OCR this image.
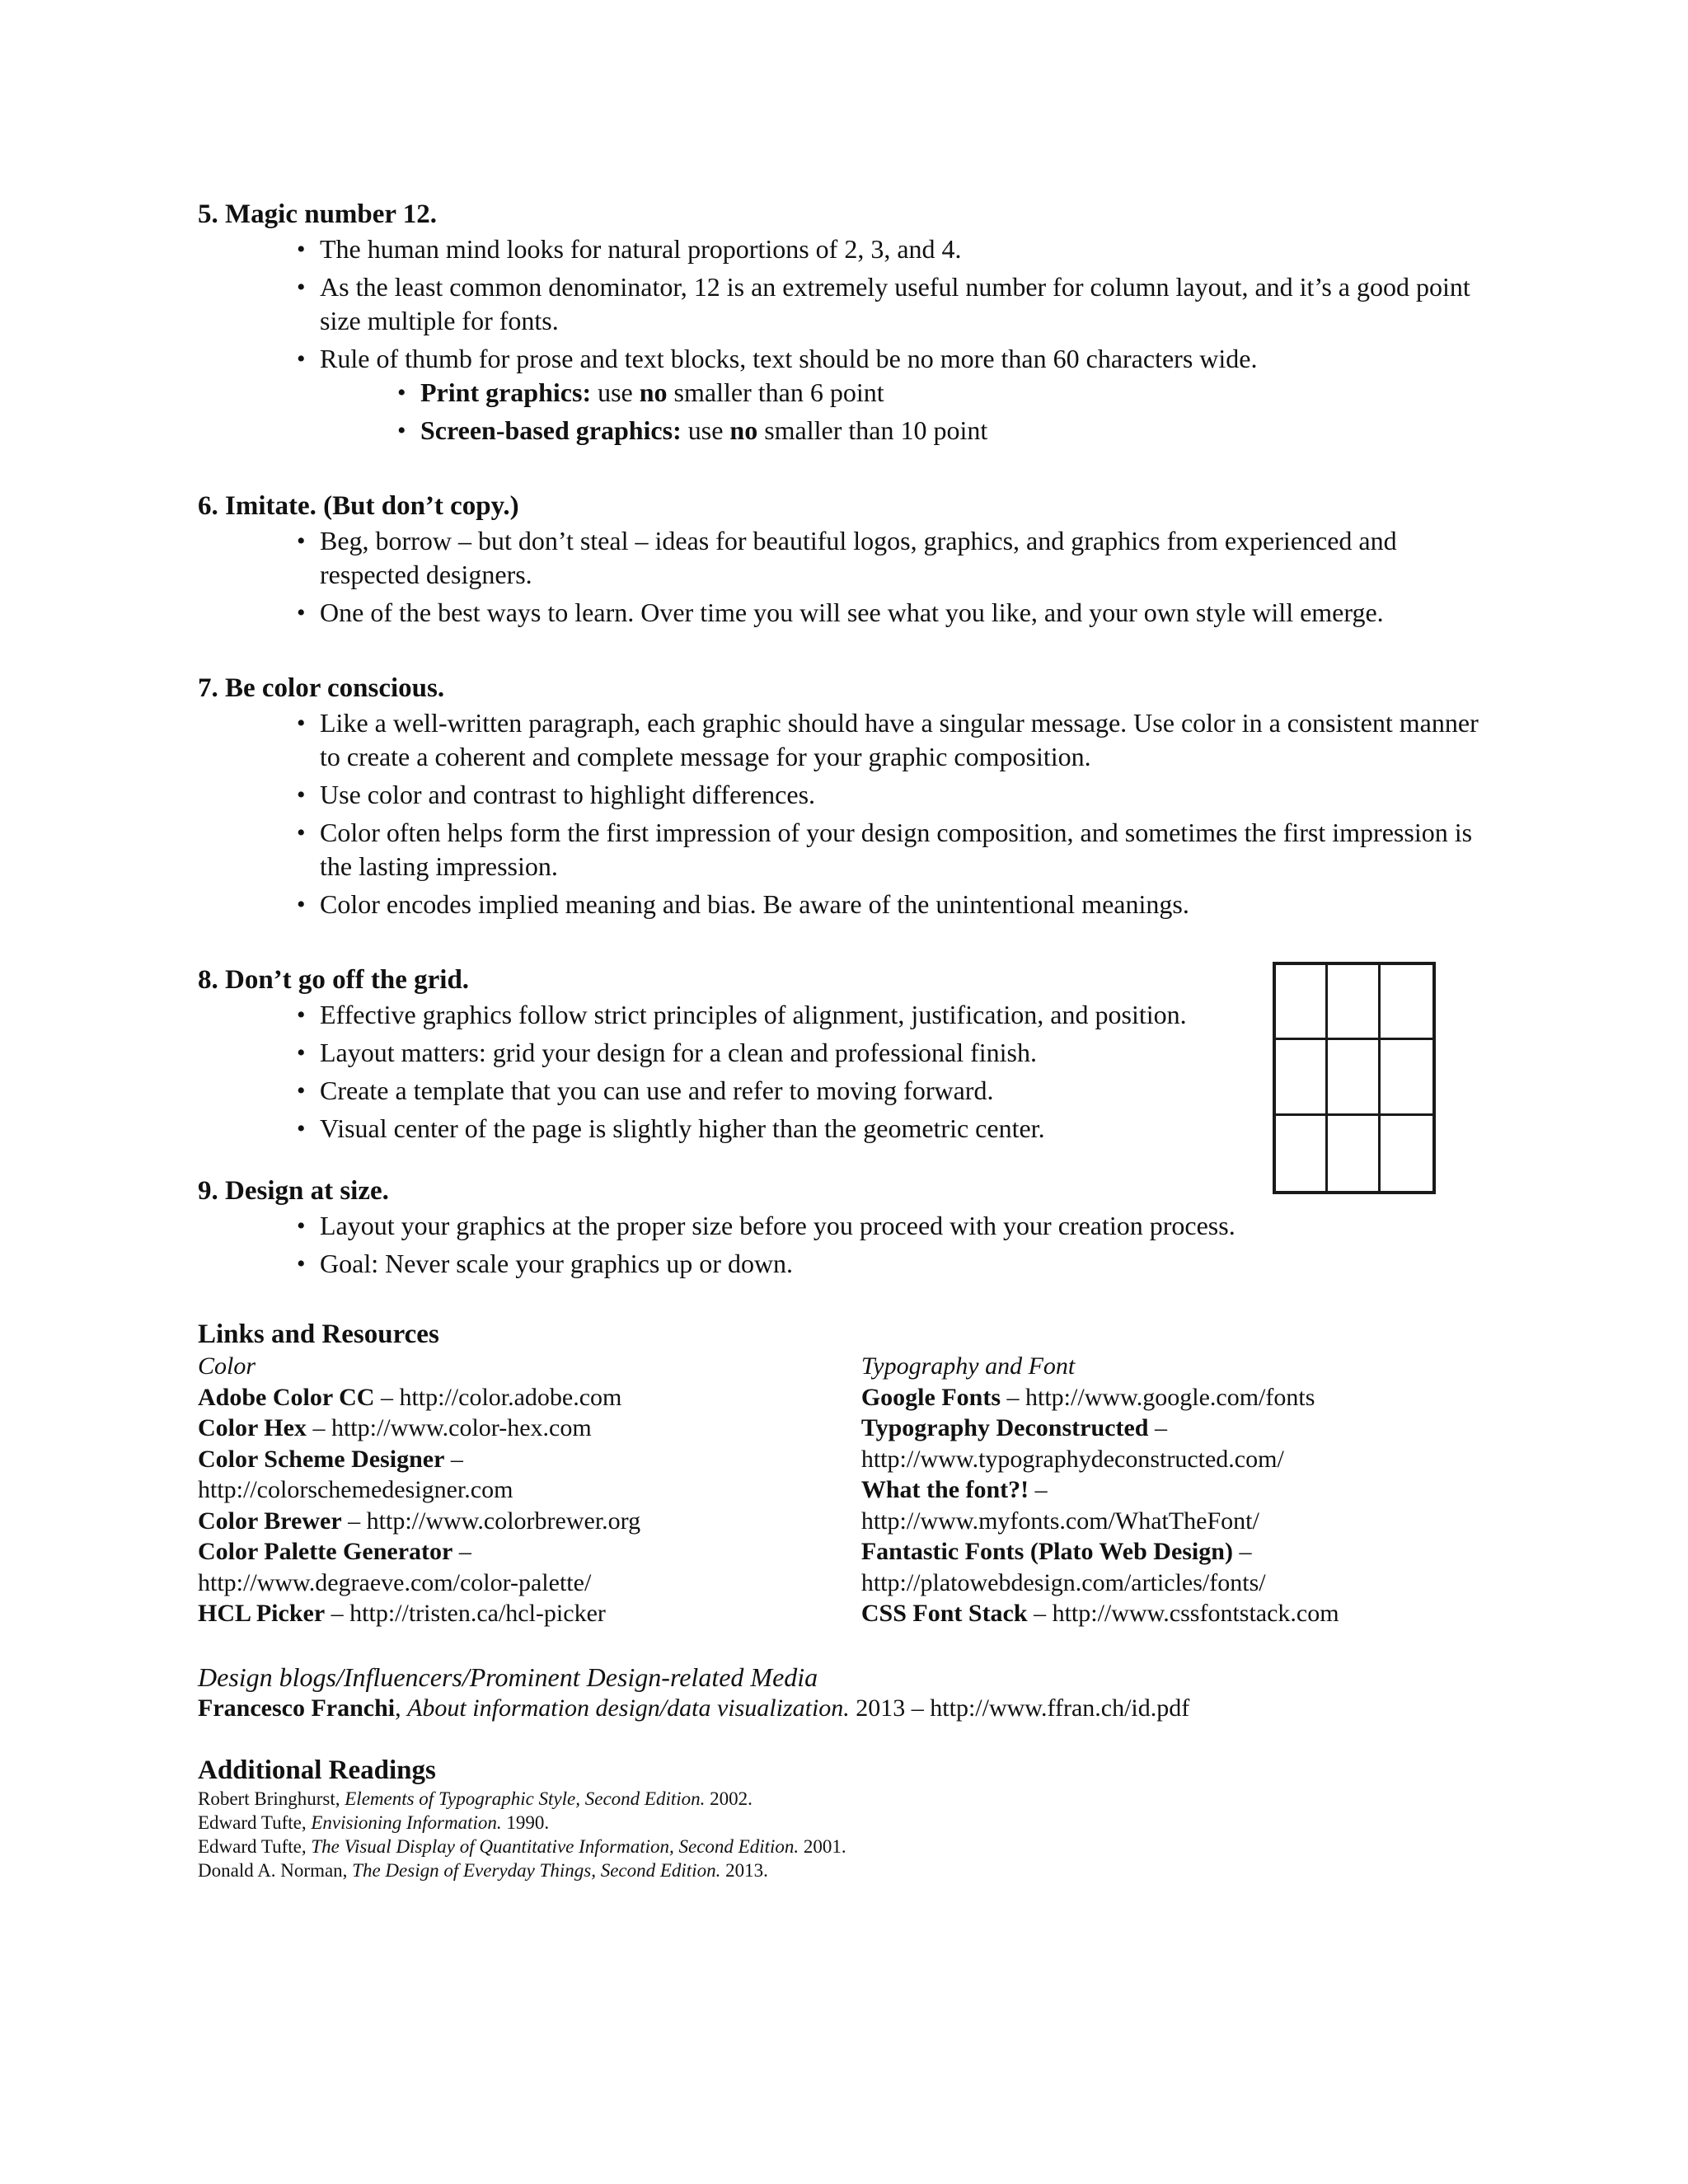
5. Magic number 12.

• The human mind looks for natural proportions of 2, 3, and 4.
• As the least common denominator, 12 is an extremely useful number for column layout, and it’s a good point size multiple for fonts.
• Rule of thumb for prose and text blocks, text should be no more than 60 characters wide.
• Print graphics: use no smaller than 6 point
• Screen-based graphics: use no smaller than 10 point

6. Imitate. (But don’t copy.)

• Beg, borrow – but don’t steal – ideas for beautiful logos, graphics, and graphics from experienced and respected designers.
• One of the best ways to learn. Over time you will see what you like, and your own style will emerge.

7. Be color conscious.

• Like a well-written paragraph, each graphic should have a singular message. Use color in a consistent manner to create a coherent and complete message for your graphic composition.
• Use color and contrast to highlight differences.
• Color often helps form the first impression of your design composition, and sometimes the first impression is the lasting impression.
• Color encodes implied meaning and bias. Be aware of the unintentional meanings.

8. Don’t go off the grid.

• Effective graphics follow strict principles of alignment, justification, and position.
• Layout matters: grid your design for a clean and professional finish.
• Create a template that you can use and refer to moving forward.
• Visual center of the page is slightly higher than the geometric center.

9. Design at size.

• Layout your graphics at the proper size before you proceed with your creation process.
• Goal: Never scale your graphics up or down.

Links and Resources

Color
Adobe Color CC – http://color.adobe.com
Color Hex – http://www.color-hex.com
Color Scheme Designer –
http://colorschemedesigner.com
Color Brewer – http://www.colorbrewer.org
Color Palette Generator –
http://www.degraeve.com/color-palette/
HCL Picker – http://tristen.ca/hcl-picker
Typography and Font
Google Fonts – http://www.google.com/fonts
Typography Deconstructed –
http://www.typographydeconstructed.com/
What the font?! –
http://www.myfonts.com/WhatTheFont/
Fantastic Fonts (Plato Web Design) –
http://platowebdesign.com/articles/fonts/
CSS Font Stack – http://www.cssfontstack.com
Design blogs/Influencers/Prominent Design-related Media
Francesco Franchi, About information design/data visualization. 2013 – http://www.ffran.ch/id.pdf

Additional Readings

Robert Bringhurst, Elements of Typographic Style, Second Edition. 2002.
Edward Tufte, Envisioning Information. 1990.
Edward Tufte, The Visual Display of Quantitative Information, Second Edition. 2001.
Donald A. Norman, The Design of Everyday Things, Second Edition. 2013.
